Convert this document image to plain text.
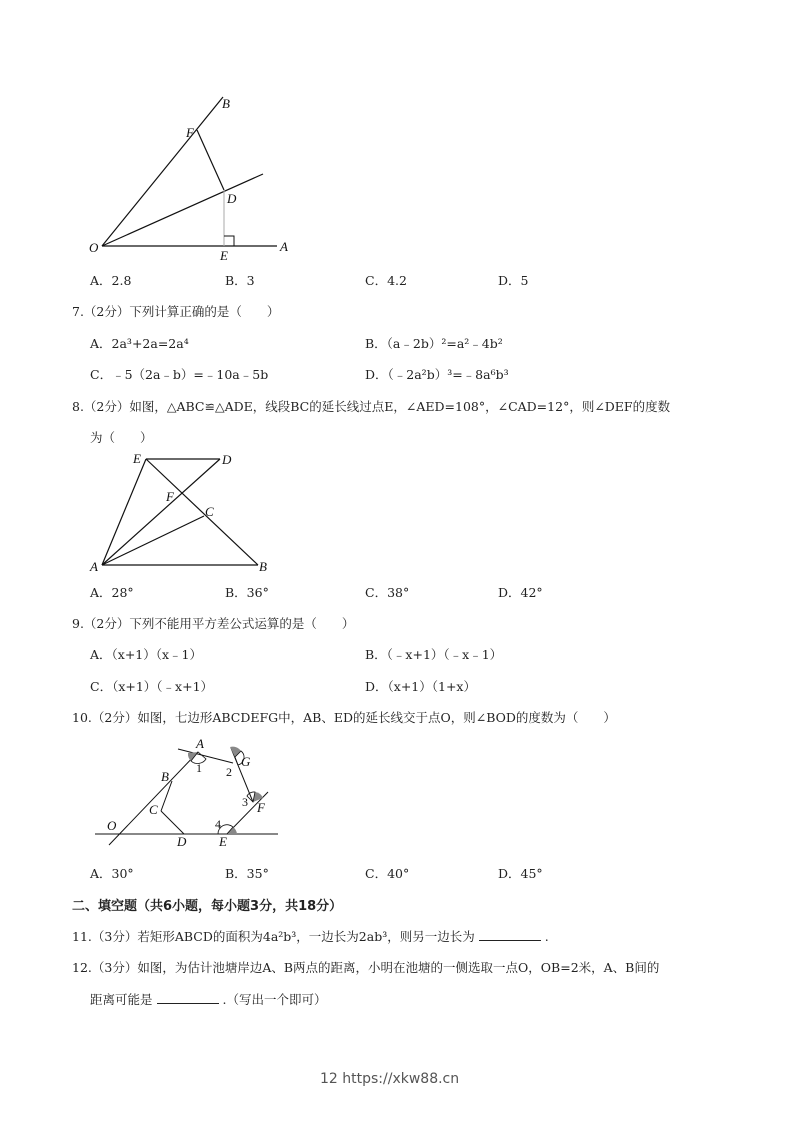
B
F
D
O
E
A
A．2.8	B．3	C．4.2	D．5
7.（2分）下列计算正确的是（　　）
A．2a³+2a=2a⁴	B．（a﹣2b）²=a²﹣4b²
C．﹣5（2a﹣b）=﹣10a﹣5b	D．（﹣2a²b）³=﹣8a⁶b³
8.（2分）如图，△ABC≌△ADE，线段BC的延长线过点E，∠AED=108°，∠CAD=12°，则∠DEF的度数
为（　　）
E	D
F
C
A	B
A．28°	B．36°	C．38°	D．42°
9.（2分）下列不能用平方差公式运算的是（　　）
A．（x+1）（x﹣1）	B．（﹣x+1）（﹣x﹣1）
C．（x+1）（﹣x+1）	D．（x+1）（1+x）
10.（2分）如图，七边形ABCDEFG中，AB、ED的延长线交于点O，则∠BOD的度数为（　　）
A
G
B
C	F
O
D	E
1 2
3
4
A．30°	B．35°	C．40°	D．45°
二、填空题（共6小题，每小题3分，共18分）
11.（3分）若矩形ABCD的面积为4a²b³，一边长为2ab³，则另一边长为	.
12.（3分）如图，为估计池塘岸边A、B两点的距离，小明在池塘的一侧选取一点O，OB=2米，A、B间的
距离可能是	.（写出一个即可）
12 https://xkw88.cn
